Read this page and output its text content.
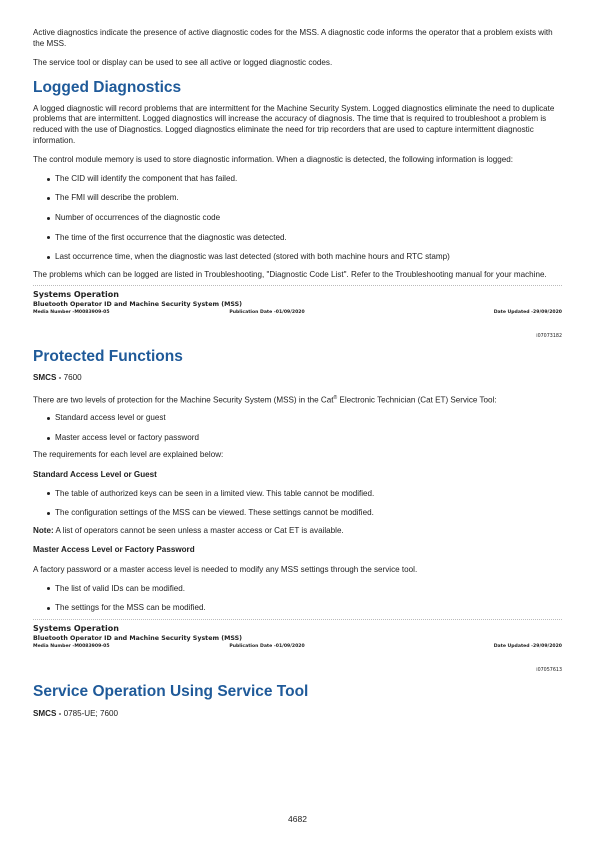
Active diagnostics indicate the presence of active diagnostic codes for the MSS. A diagnostic code informs the operator that a problem exists with the MSS.

The service tool or display can be used to see all active or logged diagnostic codes.

Logged Diagnostics

A logged diagnostic will record problems that are intermittent for the Machine Security System. Logged diagnostics eliminate the need to duplicate problems that are intermittent. Logged diagnostics will increase the accuracy of diagnosis. The time that is required to troubleshoot a problem is reduced with the use of Diagnostics. Logged diagnostics eliminate the need for trip recorders that are used to capture intermittent diagnostic information.

The control module memory is used to store diagnostic information. When a diagnostic is detected, the following information is logged:

The CID will identify the component that has failed.
The FMI will describe the problem.
Number of occurrences of the diagnostic code
The time of the first occurrence that the diagnostic was detected.
Last occurrence time, when the diagnostic was last detected (stored with both machine hours and RTC stamp)

The problems which can be logged are listed in Troubleshooting, "Diagnostic Code List". Refer to the Troubleshooting manual for your machine.

Systems Operation
Bluetooth Operator ID and Machine Security System (MSS)
Media Number -M0083909-05	Publication Date -01/09/2020	Date Updated -29/09/2020
i07073182
Protected Functions

SMCS - 7600

There are two levels of protection for the Machine Security System (MSS) in the Cat® Electronic Technician (Cat ET) Service Tool:

Standard access level or guest
Master access level or factory password

The requirements for each level are explained below:

Standard Access Level or Guest

The table of authorized keys can be seen in a limited view. This table cannot be modified.
The configuration settings of the MSS can be viewed. These settings cannot be modified.

Note: A list of operators cannot be seen unless a master access or Cat ET is available.

Master Access Level or Factory Password

A factory password or a master access level is needed to modify any MSS settings through the service tool.

The list of valid IDs can be modified.
The settings for the MSS can be modified.
Systems Operation
Bluetooth Operator ID and Machine Security System (MSS)
Media Number -M0083909-05	Publication Date -01/09/2020	Date Updated -29/09/2020
i07057613
Service Operation Using Service Tool

SMCS - 0785-UE; 7600

4682
